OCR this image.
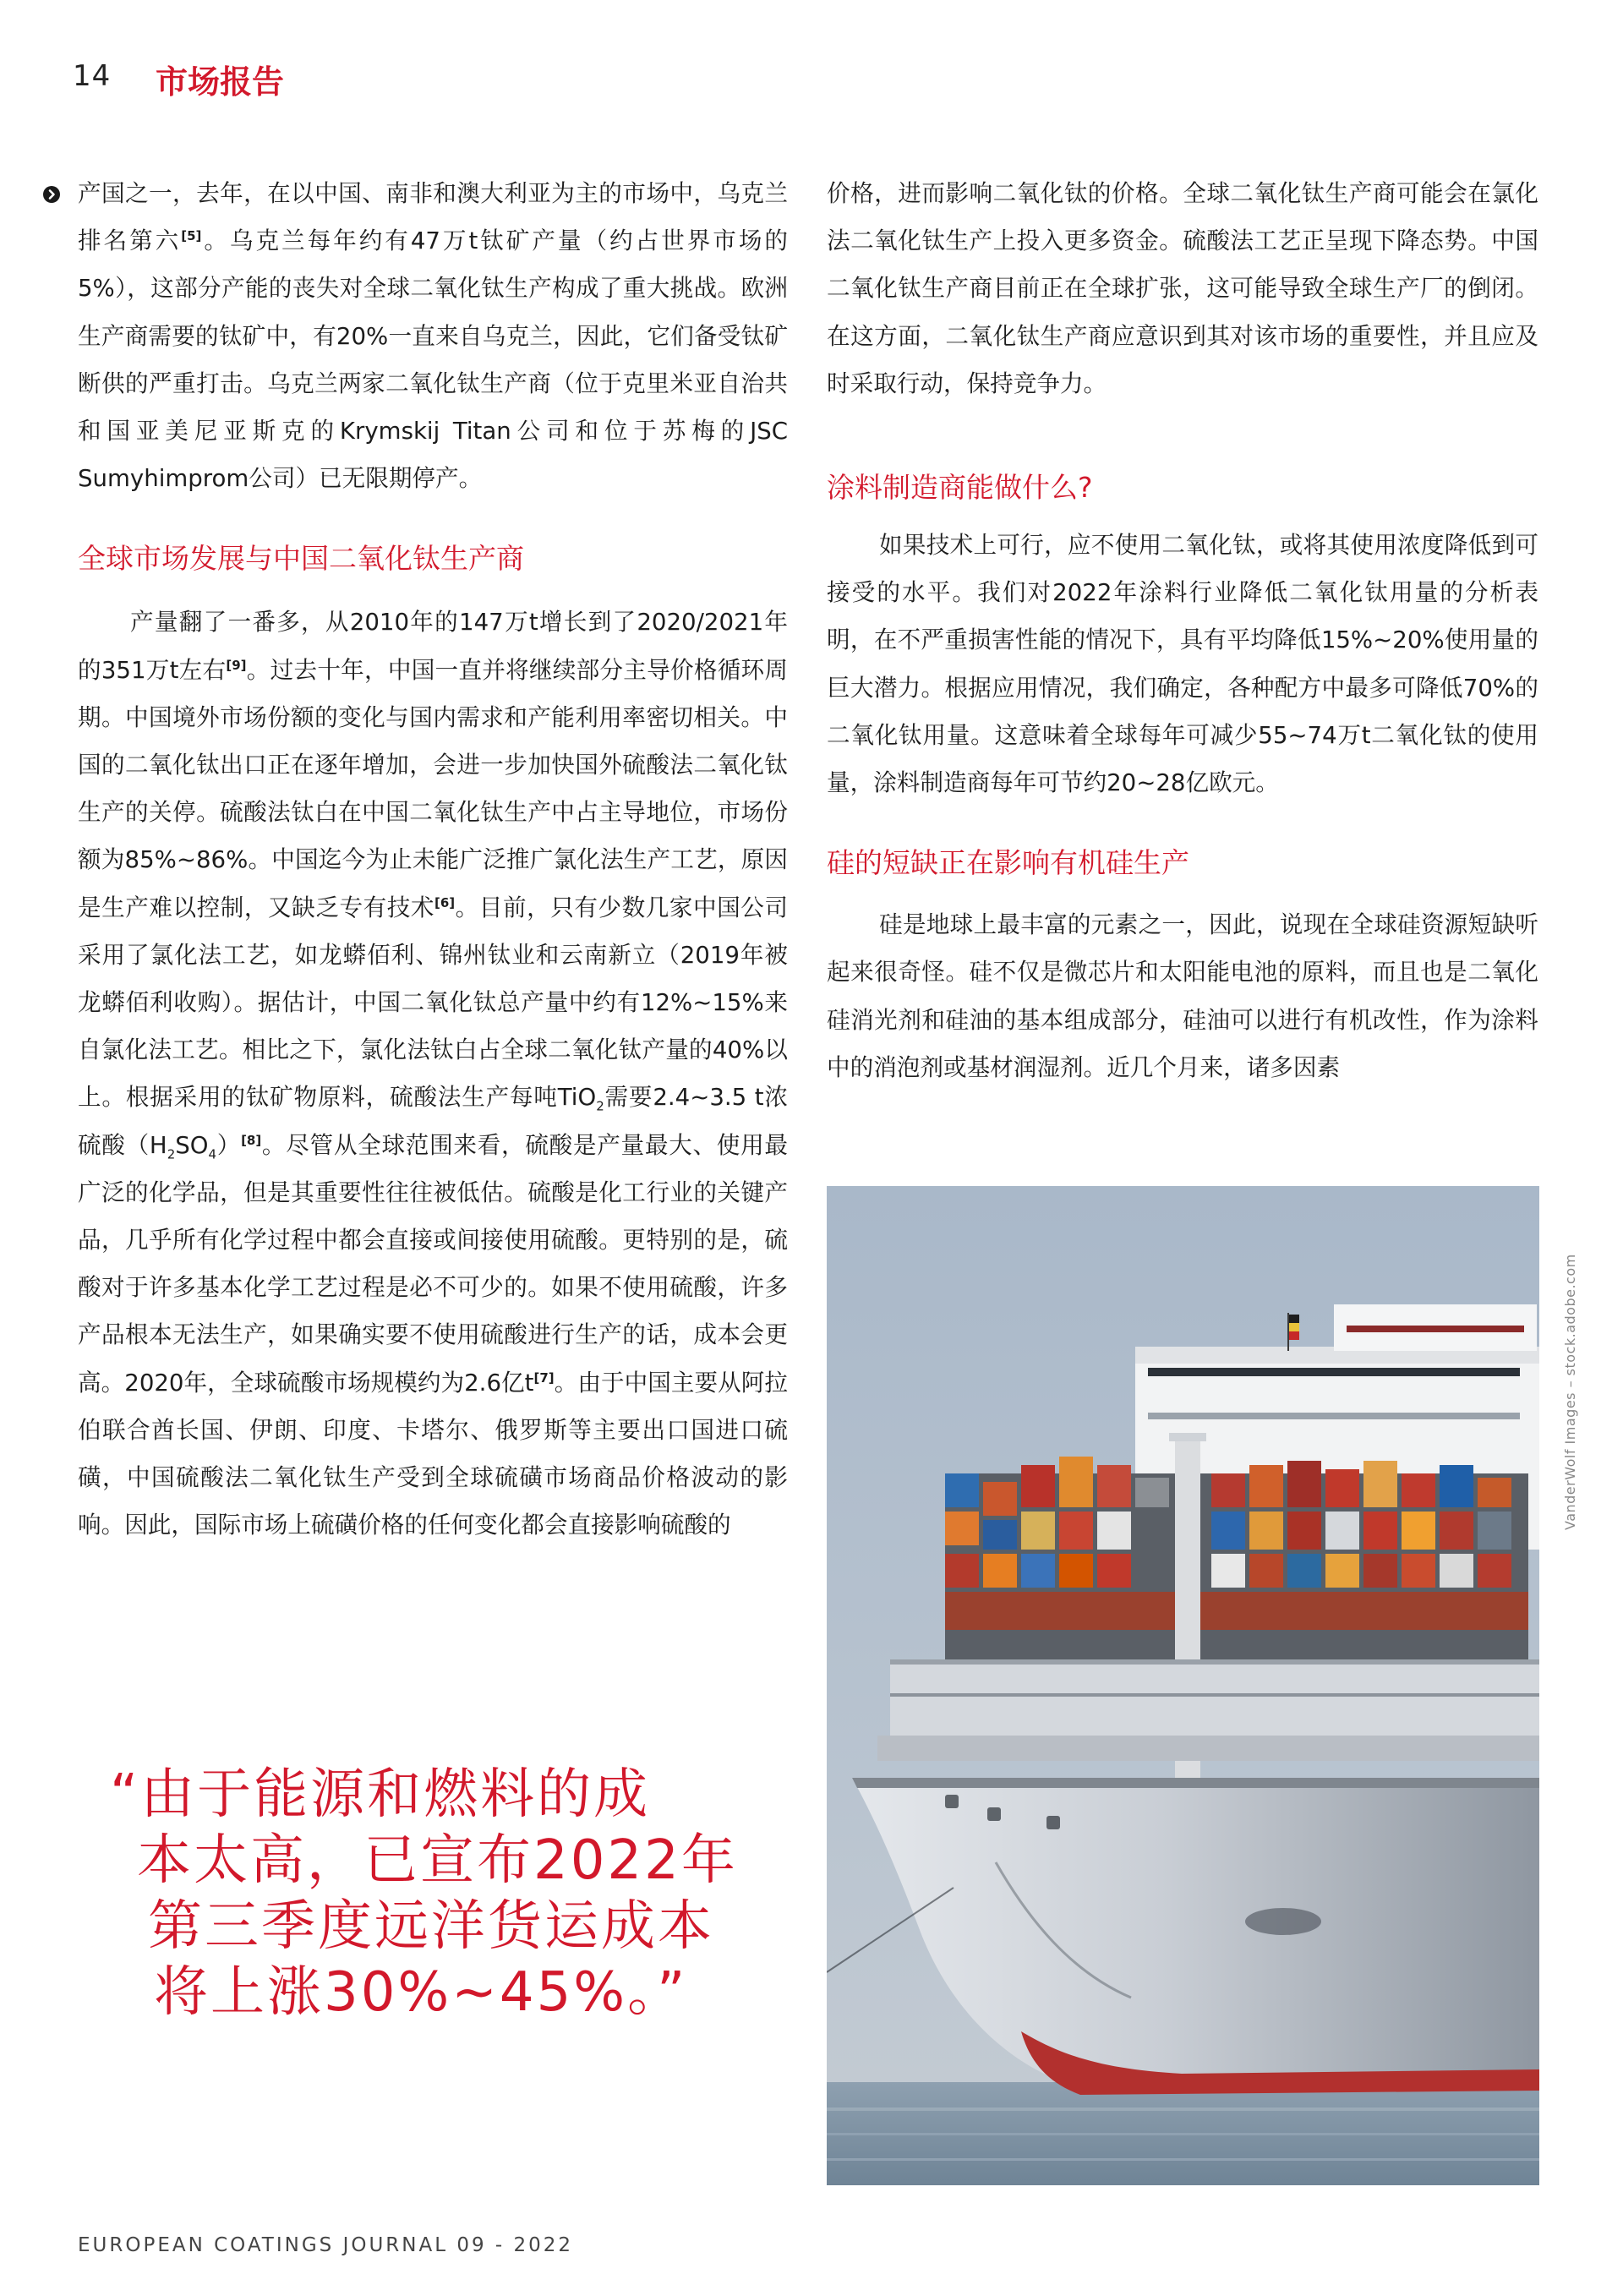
14 市场报告

产国之一，去年，在以中国、南非和澳大利亚为主的市场中，乌克兰排名第六[5]。乌克兰每年约有47万t钛矿产量（约占世界市场的5%），这部分产能的丧失对全球二氧化钛生产构成了重大挑战。欧洲生产商需要的钛矿中，有20%一直来自乌克兰，因此，它们备受钛矿断供的严重打击。乌克兰两家二氧化钛生产商（位于克里米亚自治共和国亚美尼亚斯克的Krymskij Titan公司和位于苏梅的JSC Sumyhimprom公司）已无限期停产。

全球市场发展与中国二氧化钛生产商

产量翻了一番多，从2010年的147万t增长到了2020/2021年的351万t左右[9]。过去十年，中国一直并将继续部分主导价格循环周期。中国境外市场份额的变化与国内需求和产能利用率密切相关。中国的二氧化钛出口正在逐年增加，会进一步加快国外硫酸法二氧化钛生产的关停。硫酸法钛白在中国二氧化钛生产中占主导地位，市场份额为85%~86%。中国迄今为止未能广泛推广氯化法生产工艺，原因是生产难以控制，又缺乏专有技术[6]。目前，只有少数几家中国公司采用了氯化法工艺，如龙蟒佰利、锦州钛业和云南新立（2019年被龙蟒佰利收购）。据估计，中国二氧化钛总产量中约有12%~15%来自氯化法工艺。相比之下，氯化法钛白占全球二氧化钛产量的40%以上。根据采用的钛矿物原料，硫酸法生产每吨TiO$_2$需要2.4~3.5 t浓硫酸$(H_2SO_4)[8]$。尽管从全球范围来看，硫酸是产量最大、使用最广泛的化学品，但是其重要性往往被低估。硫酸是化工行业的关键产品，几乎所有化学过程中都会直接或间接使用硫酸。更特别的是，硫酸对于许多基本化学工艺过程是必不可少的。如果不使用硫酸，许多产品根本无法生产，如果确实要不使用硫酸进行生产的话，成本会更高。2020年，全球硫酸市场规模约为2.6亿t[7]。由于中国主要从阿拉伯联合酋长国、伊朗、印度、卡塔尔、俄罗斯等主要出口国进口硫磺，中国硫酸法二氧化钛生产受到全球硫磺市场商品价格波动的影响。因此，国际市场上硫磺价格的任何变化都会直接影响硫酸的

价格，进而影响二氧化钛的价格。全球二氧化钛生产商可能会在氯化法二氧化钛生产上投入更多资金。硫酸法工艺正呈现下降态势。中国二氧化钛生产商目前正在全球扩张，这可能导致全球生产厂的倒闭。在这方面，二氧化钛生产商应意识到其对该市场的重要性，并且应及时采取行动，保持竞争力。

涂料制造商能做什么?

如果技术上可行，应不使用二氧化钛，或将其使用浓度降低到可接受的水平。我们对2022年涂料行业降低二氧化钛用量的分析表明，在不严重损害性能的情况下，具有平均降低15%~20%使用量的巨大潜力。根据应用情况，我们确定，各种配方中最多可降低70%的二氧化钛用量。这意味着全球每年可减少55~74万t二氧化钛的使用量，涂料制造商每年可节约20~28亿欧元。

硅的短缺正在影响有机硅生产

硅是地球上最丰富的元素之一，因此，说现在全球硅资源短缺听起来很奇怪。硅不仅是微芯片和太阳能电池的原料，而且也是二氧化硅消光剂和硅油的基本组成部分，硅油可以进行有机改性，作为涂料中的消泡剂或基材润湿剂。近几个月来，诸多因素

“由于能源和燃料的成
本太高，已宣布2022年
第三季度远洋货运成本
将上涨30%~45%。”
VanderWolf Images – stock.adobe.com
EUROPEAN COATINGS JOURNAL 09 - 2022
